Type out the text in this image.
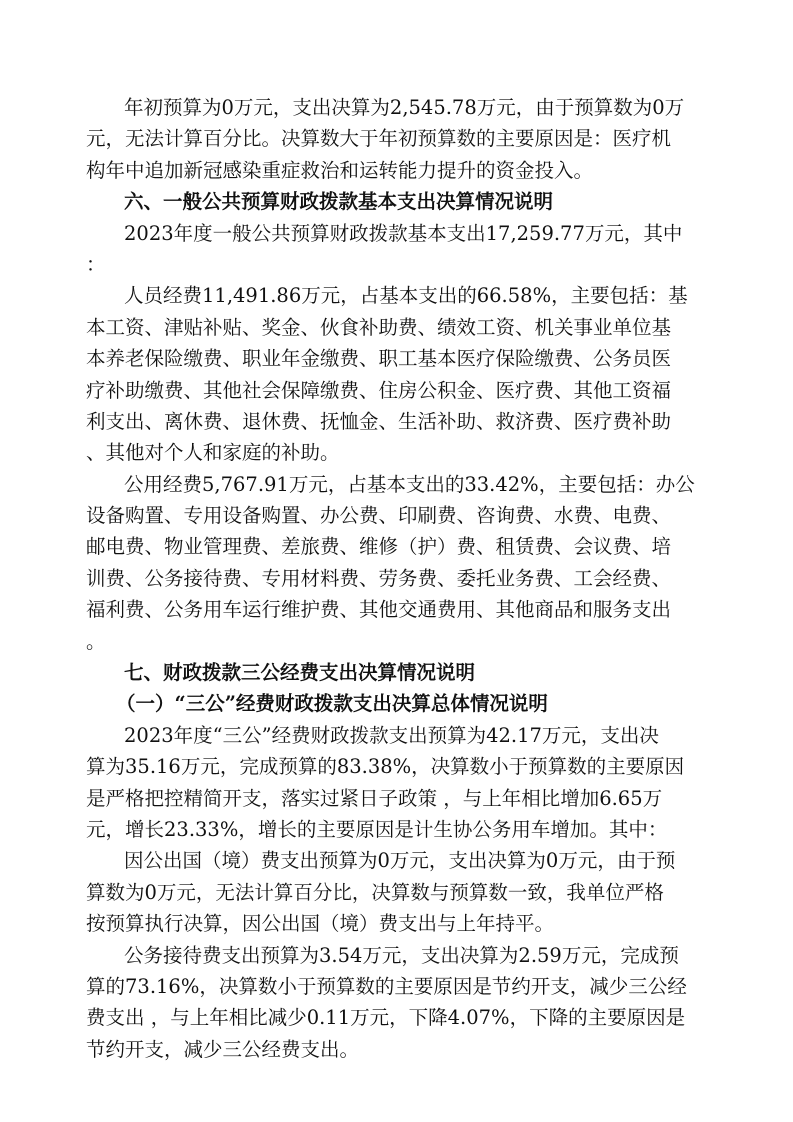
年初预算为0万元，支出决算为2,545.78万元，由于预算数为0万
元，无法计算百分比。决算数大于年初预算数的主要原因是：医疗机
构年中追加新冠感染重症救治和运转能力提升的资金投入。
六、一般公共预算财政拨款基本支出决算情况说明
2023年度一般公共预算财政拨款基本支出17,259.77万元，其中
：
人员经费11,491.86万元，占基本支出的66.58%，主要包括：基
本工资、津贴补贴、奖金、伙食补助费、绩效工资、机关事业单位基
本养老保险缴费、职业年金缴费、职工基本医疗保险缴费、公务员医
疗补助缴费、其他社会保障缴费、住房公积金、医疗费、其他工资福
利支出、离休费、退休费、抚恤金、生活补助、救济费、医疗费补助
、其他对个人和家庭的补助。
公用经费5,767.91万元，占基本支出的33.42%，主要包括：办公
设备购置、专用设备购置、办公费、印刷费、咨询费、水费、电费、
邮电费、物业管理费、差旅费、维修（护）费、租赁费、会议费、培
训费、公务接待费、专用材料费、劳务费、委托业务费、工会经费、
福利费、公务用车运行维护费、其他交通费用、其他商品和服务支出
。
七、财政拨款三公经费支出决算情况说明
（一）“三公”经费财政拨款支出决算总体情况说明
2023年度“三公”经费财政拨款支出预算为42.17万元，支出决
算为35.16万元，完成预算的83.38%，决算数小于预算数的主要原因
是严格把控精简开支，落实过紧日子政策 ，与上年相比增加6.65万
元，增长23.33%，增长的主要原因是计生协公务用车增加。其中：
因公出国（境）费支出预算为0万元，支出决算为0万元，由于预
算数为0万元，无法计算百分比，决算数与预算数一致，我单位严格
按预算执行决算，因公出国（境）费支出与上年持平。
公务接待费支出预算为3.54万元，支出决算为2.59万元，完成预
算的73.16%，决算数小于预算数的主要原因是节约开支，减少三公经
费支出 ，与上年相比减少0.11万元，下降4.07%，下降的主要原因是
节约开支，减少三公经费支出。
